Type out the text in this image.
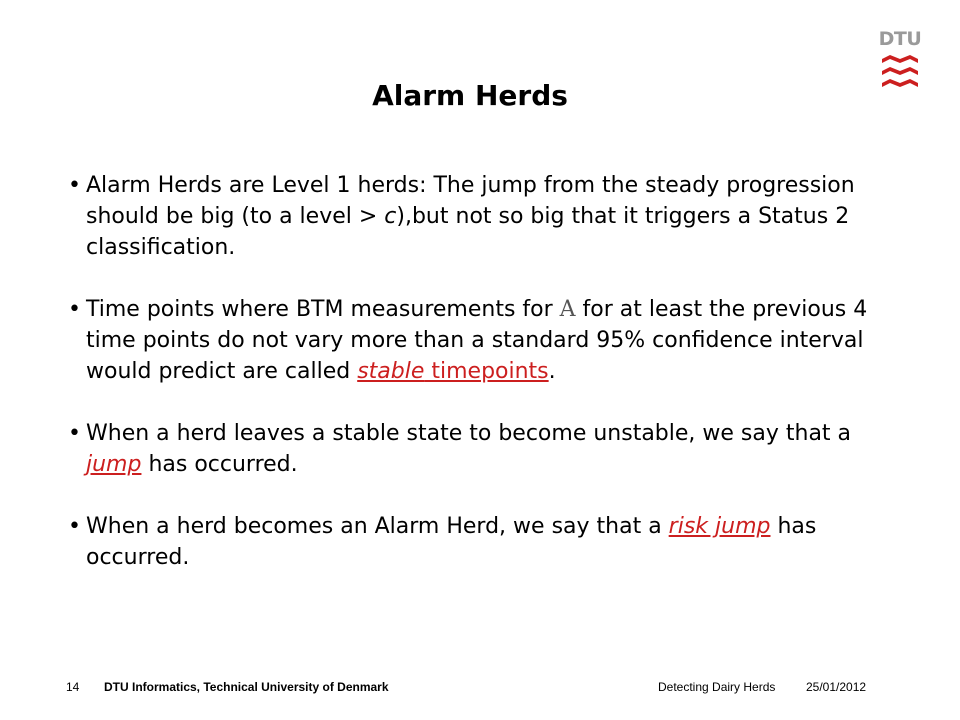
DTU
Alarm Herds
• Alarm Herds are Level 1 herds: The jump from the steady progression should be big (to a level > c),but not so big that it triggers a Status 2 classification.
• Time points where BTM measurements for A for at least the previous 4 time points do not vary more than a standard 95% confidence interval would predict are called stable timepoints.
• When a herd leaves a stable state to become unstable, we say that a jump has occurred.
• When a herd becomes an Alarm Herd, we say that a risk jump has occurred.
14 DTU Informatics, Technical University of Denmark	Detecting Dairy Herds	25/01/2012
